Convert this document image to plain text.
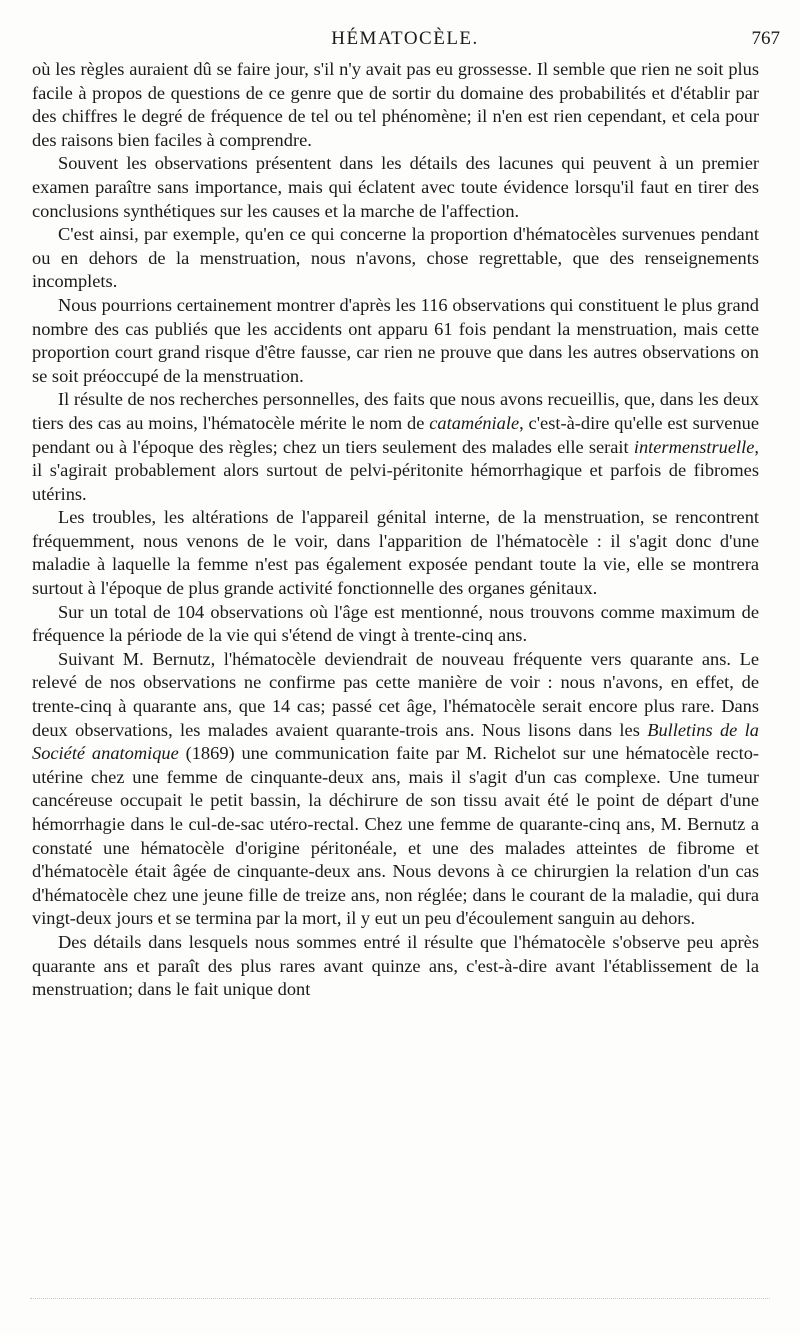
HÉMATOCÈLE.	767

où les règles auraient dû se faire jour, s'il n'y avait pas eu grossesse. Il semble que rien ne soit plus facile à propos de questions de ce genre que de sortir du domaine des probabilités et d'établir par des chiffres le degré de fréquence de tel ou tel phénomène; il n'en est rien cependant, et cela pour des raisons bien faciles à comprendre.

Souvent les observations présentent dans les détails des lacunes qui peuvent à un premier examen paraître sans importance, mais qui éclatent avec toute évidence lorsqu'il faut en tirer des conclusions synthétiques sur les causes et la marche de l'affection.

C'est ainsi, par exemple, qu'en ce qui concerne la proportion d'hématocèles survenues pendant ou en dehors de la menstruation, nous n'avons, chose regrettable, que des renseignements incomplets.

Nous pourrions certainement montrer d'après les 116 observations qui constituent le plus grand nombre des cas publiés que les accidents ont apparu 61 fois pendant la menstruation, mais cette proportion court grand risque d'être fausse, car rien ne prouve que dans les autres observations on se soit préoccupé de la menstruation.

Il résulte de nos recherches personnelles, des faits que nous avons recueillis, que, dans les deux tiers des cas au moins, l'hématocèle mérite le nom de cataméniale, c'est-à-dire qu'elle est survenue pendant ou à l'époque des règles; chez un tiers seulement des malades elle serait intermenstruelle, il s'agirait probablement alors surtout de pelvi-péritonite hémorrhagique et parfois de fibromes utérins.

Les troubles, les altérations de l'appareil génital interne, de la menstruation, se rencontrent fréquemment, nous venons de le voir, dans l'apparition de l'hématocèle : il s'agit donc d'une maladie à laquelle la femme n'est pas également exposée pendant toute la vie, elle se montrera surtout à l'époque de plus grande activité fonctionnelle des organes génitaux.

Sur un total de 104 observations où l'âge est mentionné, nous trouvons comme maximum de fréquence la période de la vie qui s'étend de vingt à trente-cinq ans.

Suivant M. Bernutz, l'hématocèle deviendrait de nouveau fréquente vers quarante ans. Le relevé de nos observations ne confirme pas cette manière de voir : nous n'avons, en effet, de trente-cinq à quarante ans, que 14 cas; passé cet âge, l'hématocèle serait encore plus rare. Dans deux observations, les malades avaient quarante-trois ans. Nous lisons dans les Bulletins de la Société anatomique (1869) une communication faite par M. Richelot sur une hématocèle recto-utérine chez une femme de cinquante-deux ans, mais il s'agit d'un cas complexe. Une tumeur cancéreuse occupait le petit bassin, la déchirure de son tissu avait été le point de départ d'une hémorrhagie dans le cul-de-sac utéro-rectal. Chez une femme de quarante-cinq ans, M. Bernutz a constaté une hématocèle d'origine péritonéale, et une des malades atteintes de fibrome et d'hématocèle était âgée de cinquante-deux ans. Nous devons à ce chirurgien la relation d'un cas d'hématocèle chez une jeune fille de treize ans, non réglée; dans le courant de la maladie, qui dura vingt-deux jours et se termina par la mort, il y eut un peu d'écoulement sanguin au dehors.

Des détails dans lesquels nous sommes entré il résulte que l'hématocèle s'observe peu après quarante ans et paraît des plus rares avant quinze ans, c'est-à-dire avant l'établissement de la menstruation; dans le fait unique dont
